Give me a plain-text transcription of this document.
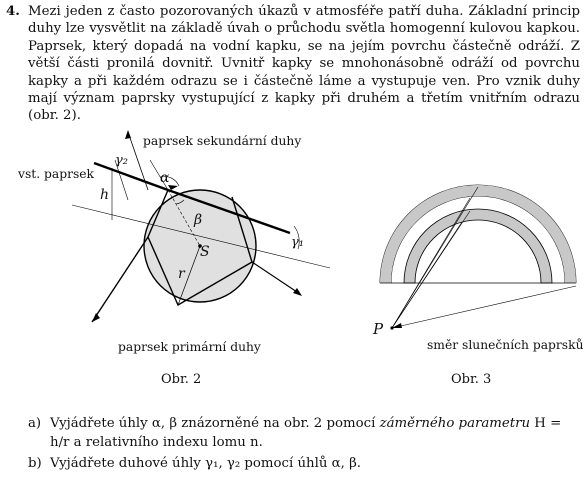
4. Mezi jeden z často pozorovaných úkazů v atmosféře patří duha. Základní princip duhy lze vysvětlit na základě úvah o průchodu světla homogenní kulovou kapkou. Paprsek, který dopadá na vodní kapku, se na jejím povrchu částečně odráží. Z větší části pronilá dovnitř. Uvnitř kapky se mnohonásobně odráží od povrchu kapky a při každém odrazu se i částečně láme a vystupuje ven. Pro vznik duhy mají význam paprsky vystupující z kapky při druhém a třetím vnitřním odrazu (obr. 2).
vst. paprsek
paprsek sekundární duhy
paprsek primární duhy
h
r
S
α
β
γ₁
γ₂
Obr. 2
P
směr slunečních paprsků
Obr. 3
a) Vyjádřete úhly α, β znázorněné na obr. 2 pomocí záměrného parametru H = h/r a relativního indexu lomu n.
b) Vyjádřete duhové úhly γ₁, γ₂ pomocí úhlů α, β.
